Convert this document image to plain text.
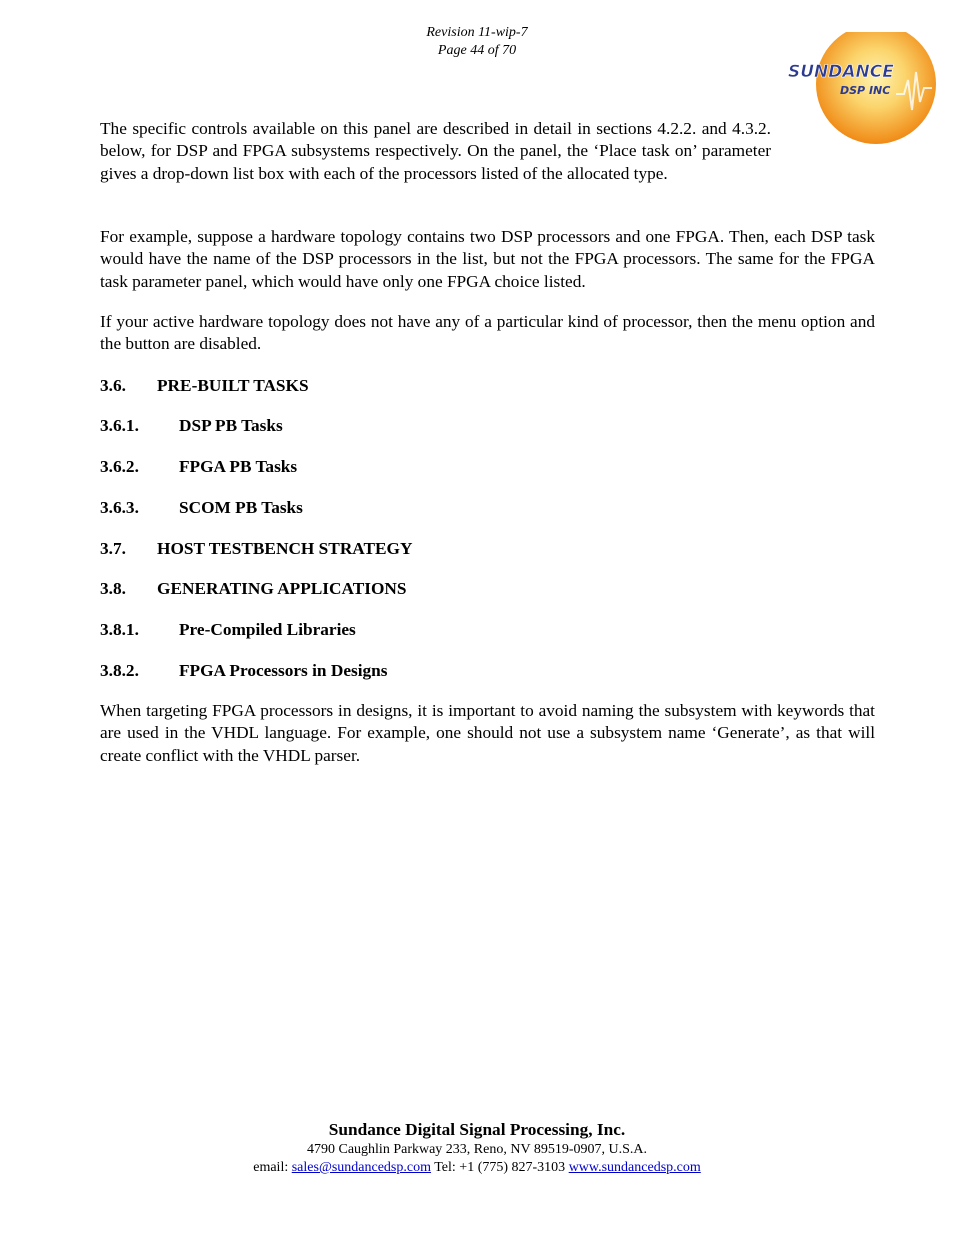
Revision 11-wip-7
Page 44 of 70
SUNDANCE
DSP INC

The specific controls available on this panel are described in detail in sections 4.2.2. and 4.3.2. below, for DSP and FPGA subsystems respectively. On the panel, the ‘Place task on’ parameter gives a drop-down list box with each of the processors listed of the allocated type.

For example, suppose a hardware topology contains two DSP processors and one FPGA. Then, each DSP task would have the name of the DSP processors in the list, but not the FPGA processors. The same for the FPGA task parameter panel, which would have only one FPGA choice listed.

If your active hardware topology does not have any of a particular kind of processor, then the menu option and the button are disabled.

3.6. PRE-BUILT TASKS
3.6.1. DSP PB Tasks
3.6.2. FPGA PB Tasks
3.6.3. SCOM PB Tasks
3.7. HOST TESTBENCH STRATEGY
3.8. GENERATING APPLICATIONS
3.8.1. Pre-Compiled Libraries
3.8.2. FPGA Processors in Designs

When targeting FPGA processors in designs, it is important to avoid naming the subsystem with keywords that are used in the VHDL language. For example, one should not use a subsystem name ‘Generate’, as that will create conflict with the VHDL parser.

Sundance Digital Signal Processing, Inc.
4790 Caughlin Parkway 233, Reno, NV 89519-0907, U.S.A.
email: sales@sundancedsp.com Tel: +1 (775) 827-3103 www.sundancedsp.com
